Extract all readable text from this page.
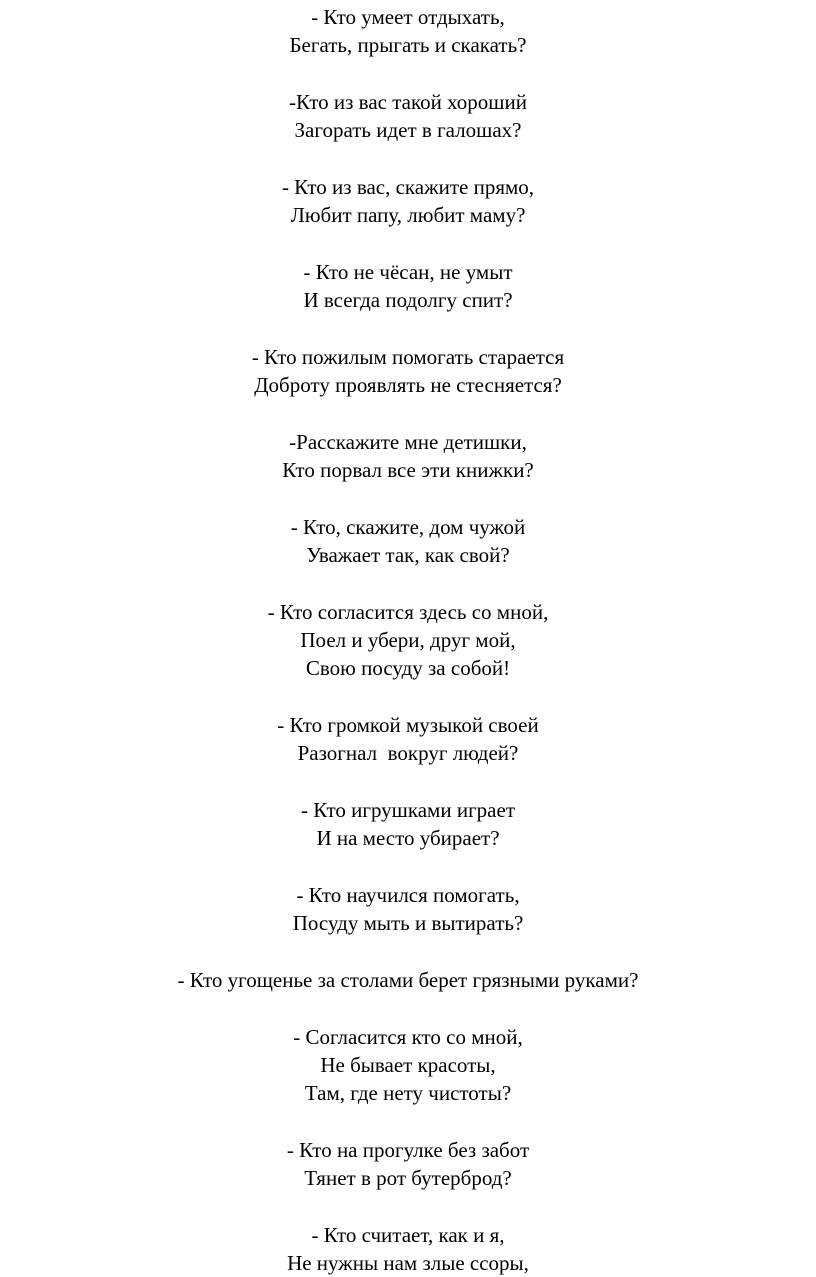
- Кто умеет отдыхать,
Бегать, прыгать и скакать?
-Кто из вас такой хороший
Загорать идет в галошах?
- Кто из вас, скажите прямо,
Любит папу, любит маму?
- Кто не чёсан, не умыт
И всегда подолгу спит?
- Кто пожилым помогать старается
Доброту проявлять не стесняется?
-Расскажите мне детишки,
Кто порвал все эти книжки?
- Кто, скажите, дом чужой
Уважает так, как свой?
- Кто согласится здесь со мной,
Поел и убери, друг мой,
Свою посуду за собой!
- Кто громкой музыкой своей
Разогнал  вокруг людей?
- Кто игрушками играет
И на место убирает?
- Кто научился помогать,
Посуду мыть и вытирать?
- Кто угощенье за столами берет грязными руками?
- Согласится кто со мной,
Не бывает красоты,
Там, где нету чистоты?
- Кто на прогулке без забот
Тянет в рот бутерброд?
- Кто считает, как и я,
Не нужны нам злые ссоры,
